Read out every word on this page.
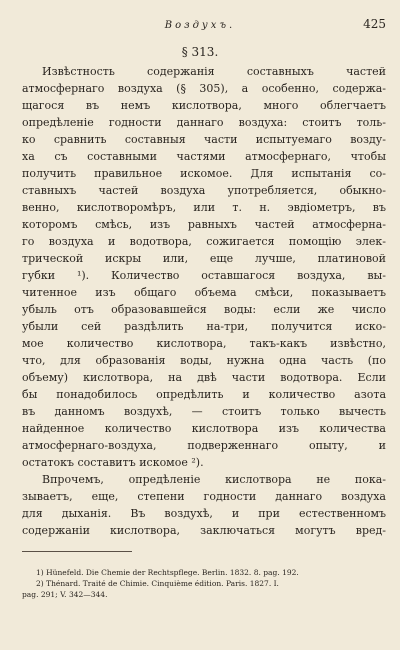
Воздухъ.	425
§ 313.
Извѣстность содержанія составныхъ частей
атмосфернаго воздуха (§ 305), а особенно, содержа-
щагося въ немъ кислотвора, много облегчаетъ
опредѣленіе годности даннаго воздуха: стоитъ толь-
ко сравнить составныя части испытуемаго возду-
ха съ составными частями атмосфернаго, чтобы
получить правильное искомое. Для испытанія со-
ставныхъ частей воздуха употребляется, обыкно-
венно, кислотворомѣръ, или т. н. эвдіометръ, въ
которомъ смѣсь, изъ равныхъ частей атмосферна-
го воздуха и водотвора, сожигается помощію элек-
трической искры или, еще лучше, платиновой
губки ¹). Количество оставшагося воздуха, вы-
читенное изъ общаго объема смѣси, показываетъ
убыль отъ образовавшейся воды: если же число
убыли сей раздѣлить на-три, получится иско-
мое количество кислотвора, такъ-какъ извѣстно,
что, для образованія воды, нужна одна часть (по
объему) кислотвора, на двѣ части водотвора. Если
бы понадобилось опредѣлить и количество азота
въ данномъ воздухѣ, — стоитъ только вычесть
найденное количество кислотвора изъ количества
атмосфернаго-воздуха, подверженнаго опыту, и
остатокъ составитъ искомое ²).
Впрочемъ, опредѣленіе кислотвора не пока-
зываетъ, еще, степени годности даннаго воздуха
для дыханія. Въ воздухѣ, и при естественномъ
содержаніи кислотвора, заключаться могутъ вред-
1) Hünefeld. Die Chemie der Rechtspflege. Berlin. 1832. 8. pag. 192.
2) Thénard. Traité de Chimie. Cinquième édition. Paris. 1827. I.
pag. 291; V. 342—344.
